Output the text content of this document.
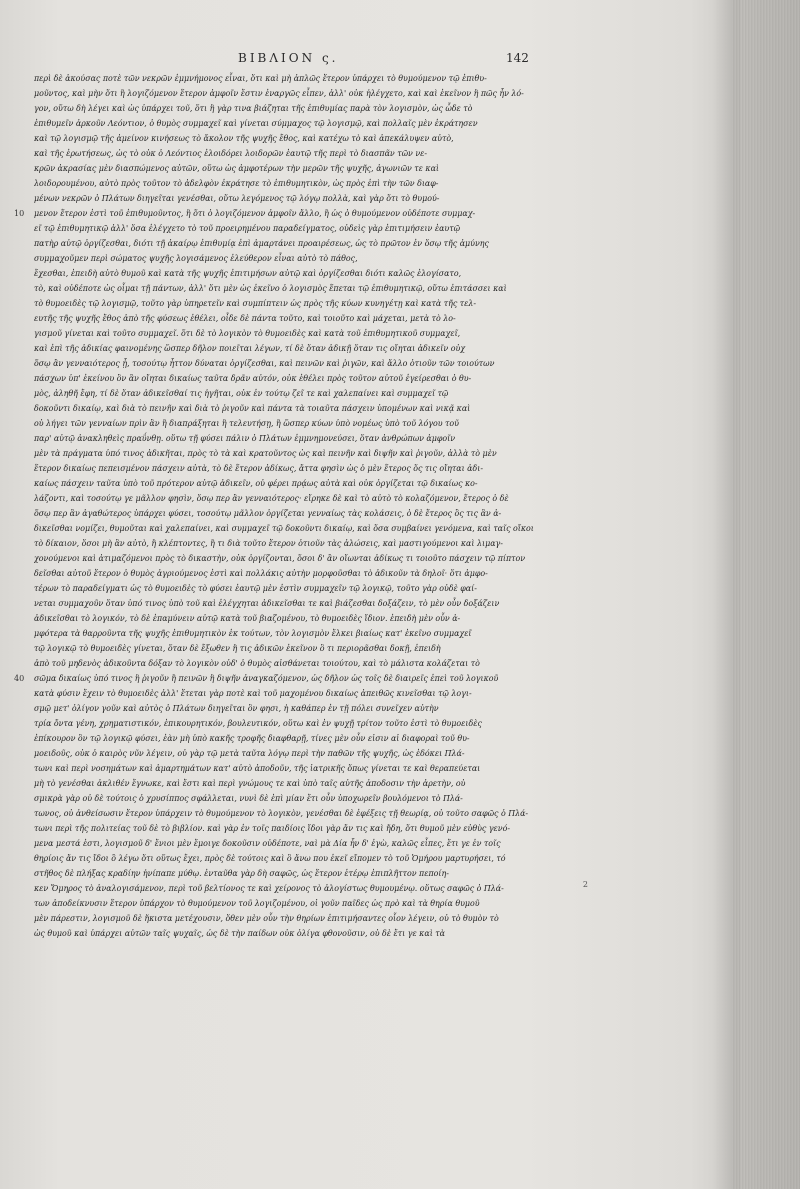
ΒΙΒΛΙΟΝ ς.	142
περὶ δὲ ἀκούσας ποτὲ τῶν νεκρῶν ἐμμνήμονος εἶναι, ὅτι καὶ μὴ ἀπλῶς ἕτερον ὑπάρχει τὸ θυμούμενον τῷ ἐπιθυ-
μοῦντος, καὶ μὴν ὅτι ἢ λογιζόμενον ἕτερον ἀμφοῖν ἔστιν ἐναργῶς εἶπεν, ἀλλ' οὐκ ἠλέγχετο, καὶ καὶ ἐκεῖνον ἢ πῶς ἦν λό-
γον, οὕτω δὴ λέγει καὶ ὡς ὑπάρχει τοῦ, ὅτι ἢ γὰρ τινα βιάζηται τῆς ἐπιθυμίας παρὰ τὸν λογισμὸν, ὡς ὧδε τὸ
ἐπιθυμεῖν ἀρκοῦν Λεόντιον, ὁ θυμὸς συμμαχεῖ καὶ γίνεται σύμμαχος τῷ λογισμῷ, καὶ πολλαῖς μὲν ἐκράτησεν
καὶ τῷ λογισμῷ τῆς ἀμείνον κινήσεως τὸ ἄκολον τῆς ψυχῆς ἔθος, καὶ κατέχω τὸ καὶ ἀπεκάλυψεν αὐτὸ,
καὶ τῆς ἐρωτήσεως, ὡς τὸ οὐκ ὁ Λεόντιος ἐλοιδόρει λοιδορῶν ἑαυτῷ τῆς περὶ τὸ διασπᾶν τῶν νε-
κρῶν ἀκρασίας μὲν διασπώμενος αὐτῶν, οὕτω ὡς ἀμφοτέρων τὴν μερῶν τῆς ψυχῆς, ἀγωνιῶν τε καὶ
λοιδορουμένου, αὐτὸ πρὸς τοῦτον τὸ ἀδελφὸν ἐκράτησε τὸ ἐπιθυμητικὸν, ὡς πρὸς ἐπὶ τὴν τῶν διαφ-
μένων νεκρῶν ὁ Πλάτων διηγεῖται γενέσθαι, οὕτω λεγόμενος τῷ λόγῳ πολλὰ, καὶ γὰρ ὅτι τὸ θυμού-
10 μενον ἕτερον ἐστὶ τοῦ ἐπιθυμοῦντος, ἢ ὅτι ὁ λογιζόμενον ἀμφοῖν ἄλλο, ἢ ὡς ὁ θυμούμενον οὐδέποτε συμμαχ-
εῖ τῷ ἐπιθυμητικῷ ἀλλ' ὅσα ἐλέγχετο τὸ τοῦ προειρημένου παραδείγματος, οὐδεὶς γὰρ ἐπιτιμήσειν ἑαυτῷ
πατὴρ αὐτῷ ὀργίζεσθαι, διότι τῇ ἀκαίρῳ ἐπιθυμίᾳ ἐπὶ ἁμαρτάνει προαιρέσεως, ὡς τὸ πρῶτον ἐν ὅσῳ τῆς ἀμύνης
συμμαχοῦμεν περὶ σώματος ψυχῆς λογισάμενος ἐλεύθερον εἶναι αὐτὸ τὸ πάθος,
ἔχεσθαι, ἐπειδὴ αὐτὸ θυμοῦ καὶ κατὰ τῆς ψυχῆς ἐπιτιμήσων αὐτῷ καὶ ὀργίζεσθαι διότι καλῶς ἐλογίσατο,
τὸ, καὶ οὐδέποτε ὡς οἶμαι τῇ πάντων, ἀλλ' ὅτι μὲν ὡς ἐκεῖνο ὁ λογισμὸς ἕπεται τῷ ἐπιθυμητικῷ, οὕτω ἐπιτάσσει καὶ
τὸ θυμοειδὲς τῷ λογισμῷ, τοῦτο γὰρ ὑπηρετεῖν καὶ συμπίπτειν ὡς πρὸς τῆς κύων κυνηγέτῃ καὶ κατὰ τῆς τελ-
ευτῆς τῆς ψυχῆς ἔθος ἀπὸ τῆς φύσεως ἐθέλει, οἶδε δὲ πάντα τοῦτο, καὶ τοιοῦτο καὶ μάχεται, μετὰ τὸ λο-
γισμοῦ γίνεται καὶ τοῦτο συμμαχεῖ. ὅτι δὲ τὸ λογικὸν τὸ θυμοειδὲς καὶ κατὰ τοῦ ἐπιθυμητικοῦ συμμαχεῖ,
καὶ ἐπὶ τῆς ἀδικίας φαινομένης ὥσπερ δῆλον ποιεῖται λέγων, τί δὲ ὅταν ἀδικῇ ὅταν τις οἴηται ἀδικεῖν οὐχ
ὅσῳ ἂν γενναιότερος ᾖ, τοσούτῳ ἧττον δύναται ὀργίζεσθαι, καὶ πεινῶν καὶ ῥιγῶν, καὶ ἄλλο ὁτιοῦν τῶν τοιούτων
πάσχων ὑπ' ἐκείνου ὃν ἂν οἴηται δικαίως ταῦτα δρᾶν αὐτόν, οὐκ ἐθέλει πρὸς τοῦτον αὐτοῦ ἐγείρεσθαι ὁ θυ-
μὸς, ἀληθῆ ἔφη, τί δὲ ὅταν ἀδικεῖσθαί τις ἡγῆται, οὐκ ἐν τούτῳ ζεῖ τε καὶ χαλεπαίνει καὶ συμμαχεῖ τῷ
δοκοῦντι δικαίῳ, καὶ διὰ τὸ πεινῆν καὶ διὰ τὸ ῥιγοῦν καὶ πάντα τὰ τοιαῦτα πάσχειν ὑπομένων καὶ νικᾷ καὶ
οὐ λήγει τῶν γενναίων πρὶν ἂν ἢ διαπράξηται ἢ τελευτήσῃ, ἢ ὥσπερ κύων ὑπὸ νομέως ὑπὸ τοῦ λόγου τοῦ
παρ' αὐτῷ ἀνακληθεὶς πραΰνθῃ. οὕτω τῇ φύσει πάλιν ὁ Πλάτων ἐμμνημονεύσει, ὅταν ἀνθρώπων ἀμφοῖν
μὲν τὰ πράγματα ὑπό τινος ἀδικῆται, πρὸς τὸ τὰ καὶ κρατοῦντος ὡς καὶ πεινῆν καὶ διψῆν καὶ ῥιγοῦν, ἀλλὰ τὸ μὲν
ἕτερον δικαίως πεπεισμένον πάσχειν αὐτὰ, τὸ δὲ ἕτερον ἀδίκως, ἄττα φησὶν ὡς ὁ μὲν ἕτερος ὅς τις οἴηται ἀδι-
καίως πάσχειν ταῦτα ὑπὸ τοῦ πρότερον αὐτῷ ἀδικεῖν, οὐ φέρει πρᾴως αὐτὰ καὶ οὐκ ὀργίζεται τῷ δικαίως κο-
λάζοντι, καὶ τοσούτῳ γε μᾶλλον φησὶν, ὅσῳ περ ἂν γενναιότερος· εἴρηκε δὲ καὶ τὸ αὐτὸ τὸ κολαζόμενον, ἕτερος ὁ δὲ
ὅσῳ περ ἂν ἀγαθώτερος ὑπάρχει φύσει, τοσούτῳ μᾶλλον ὀργίζεται γενναίως τὰς κολάσεις, ὁ δὲ ἕτερος ὃς τις ἂν ἀ-
δικεῖσθαι νομίζει, θυμοῦται καὶ χαλεπαίνει, καὶ συμμαχεῖ τῷ δοκοῦντι δικαίῳ, καὶ ὅσα συμβαίνει γενόμενα, καὶ ταῖς οἴκοι
τὸ δίκαιον, ὅσοι μὴ ἂν αὐτὸ, ἢ κλέπτοντες, ἢ τι διὰ τοῦτο ἕτερον ὁτιοῦν τὰς ἁλώσεις, καὶ μαστιγούμενοι καὶ λιμαγ-
χονούμενοι καὶ ἀτιμαζόμενοι πρὸς τὸ δικαστὴν, οὐκ ὀργίζονται, ὅσοι δ' ἂν οἴωνται ἀδίκως τι τοιοῦτο πάσχειν τῷ πίπτον
δεῖσθαι αὐτοῦ ἕτερον ὁ θυμὸς ἀγριούμενος ἐστὶ καὶ πολλάκις αὐτὴν μορφοῦσθαι τὸ ἀδικοῦν τὰ δηλοῖ· ὅτι ἀμφο-
τέρων τὸ παραδείγματι ὡς τὸ θυμοειδὲς τὸ φύσει ἑαυτῷ μὲν ἐστὶν συμμαχεῖν τῷ λογικῷ, τοῦτο γὰρ οὐδὲ φαί-
νεται συμμαχοῦν ὅταν ὑπό τινος ὑπὸ τοῦ καὶ ἐλέγχηται ἀδικεῖσθαι τε καὶ βιάζεσθαι δοξάζειν, τὸ μὲν οὖν δοξάζειν
ἀδικεῖσθαι τὸ λογικόν, τὸ δὲ ἐπαμύνειν αὐτῷ κατὰ τοῦ βιαζομένου, τὸ θυμοειδὲς ἴδιον. ἐπειδὴ μὲν οὖν ἀ-
μφότερα τὰ θαρροῦντα τῆς ψυχῆς ἐπιθυμητικὸν ἐκ τούτων, τὸν λογισμὸν ἔλκει βιαίως κατ' ἐκεῖνο συμμαχεῖ
τῷ λογικῷ τὸ θυμοειδὲς γίνεται, ὅταν δὲ ἔξωθεν ἢ τις ἀδικῶν ἐκεῖνον ὃ τι περιορᾶσθαι δοκῇ, ἐπειδὴ
ἀπὸ τοῦ μηδενὸς ἀδικοῦντα δόξαν τὸ λογικὸν οὐδ' ὁ θυμὸς αἰσθάνεται τοιούτου, καὶ τὸ μάλιστα κολάζεται τὸ
40 σῶμα δικαίως ὑπό τινος ἢ ῥιγοῦν ἢ πεινῶν ἢ διψῆν ἀναγκαζόμενον, ὡς δῆλον ὡς τοῖς δὲ διαιρεῖς ἐπεὶ τοῦ λογικοῦ
κατὰ φύσιν ἔχειν τὸ θυμοειδὲς ἀλλ' ἕτεται γὰρ ποτὲ καὶ τοῦ μαχομένου δικαίως ἀπειθῶς κινεῖσθαι τῷ λογι-
σμῷ μετ' ὀλίγον γοῦν καὶ αὐτὸς ὁ Πλάτων διηγεῖται ὃν φησι, ἡ καθάπερ ἐν τῇ πόλει συνεῖχεν αὐτὴν
τρία ὄντα γένη, χρηματιστικόν, ἐπικουρητικόν, βουλευτικόν, οὕτω καὶ ἐν ψυχῇ τρίτον τοῦτο ἐστὶ τὸ θυμοειδὲς
ἐπίκουρον ὂν τῷ λογικῷ φύσει, ἐὰν μὴ ὑπὸ κακῆς τροφῆς διαφθαρῇ, τίνες μὲν οὖν εἰσιν αἱ διαφοραὶ τοῦ θυ-
μοειδοῦς, οὐκ ὁ καιρὸς νῦν λέγειν, οὐ γὰρ τῷ μετὰ ταῦτα λόγῳ περὶ τὴν παθῶν τῆς ψυχῆς, ὡς ἐδόκει Πλά-
τωνι καὶ περὶ νοσημάτων καὶ ἁμαρτημάτων κατ' αὐτὸ ἀποδοῦν, τῆς ἰατρικῆς ὅπως γίνεται τε καὶ θεραπεύεται
μὴ τὸ γενέσθαι ἀκλιθέν ἔγνωκε, καὶ ἔστι καὶ περὶ γνώμους τε καὶ ὑπὸ ταῖς αὐτῆς ἀποδοσιν τὴν ἀρετὴν, οὐ
σμικρὰ γὰρ οὐ δὲ τούτοις ὁ χρυσίππος σφάλλεται, νυνὶ δὲ ἐπὶ μίαν ἔτι οὖν ὑποχωρεῖν βουλόμενοι τὸ Πλά-
τωνος, οὐ ἀνθείσωσιν ἕτερον ὑπάρχειν τὸ θυμούμενον τὸ λογικὸν, γενέσθαι δὲ ἐφέξεις τῇ θεωρίᾳ, οὐ τοῦτο σαφῶς ὁ Πλά-
τωνι περὶ τῆς πολιτείας τοῦ δὲ τὸ βιβλίον. καὶ γὰρ ἐν τοῖς παιδίοις ἴδοι γὰρ ἄν τις καὶ ἤδη, ὅτι θυμοῦ μὲν εὐθὺς γενό-
μενα μεστά ἐστι, λογισμοῦ δ' ἔνιοι μὲν ἔμοιγε δοκοῦσιν οὐδέποτε, ναὶ μὰ Δία ἦν δ' ἐγὼ, καλῶς εἶπες, ἔτι γε ἐν τοῖς
θηρίοις ἄν τις ἴδοι ὃ λέγω ὅτι οὕτως ἔχει, πρὸς δὲ τούτοις καὶ ὃ ἄνω που ἐκεῖ εἴπομεν τὸ τοῦ Ὁμήρου μαρτυρήσει, τό
στῆθος δὲ πλήξας κραδίην ἠνίπαπε μύθῳ. ἐνταῦθα γὰρ δὴ σαφῶς, ὡς ἕτερον ἑτέρῳ ἐπιπλῆττον πεποίη-
κεν Ὅμηρος τὸ ἀναλογισάμενον, περὶ τοῦ βελτίονος τε καὶ χείρονος τὸ ἀλογίστως θυμουμένῳ. οὕτως σαφῶς ὁ Πλά-
των ἀποδείκνυσιν ἕτερον ὑπάρχον τὸ θυμούμενον τοῦ λογιζομένου, οἱ γοῦν παῖδες ὡς πρὸ καὶ τὰ θηρία θυμοῦ
μὲν πάρεστιν, λογισμοῦ δὲ ἥκιστα μετέχουσιν, ὅθεν μὲν οὖν τὴν θηρίων ἐπιτιμήσαντες οἷον λέγειν, οὐ τὸ θυμὸν τὸ
ὡς θυμοῦ καὶ ὑπάρχει αὐτῶν ταῖς ψυχαῖς, ὡς δὲ τὴν παίδων οὐκ ὀλίγα φθονοῦσιν, οὐ δὲ ἔτι γε καὶ τὰ
2
